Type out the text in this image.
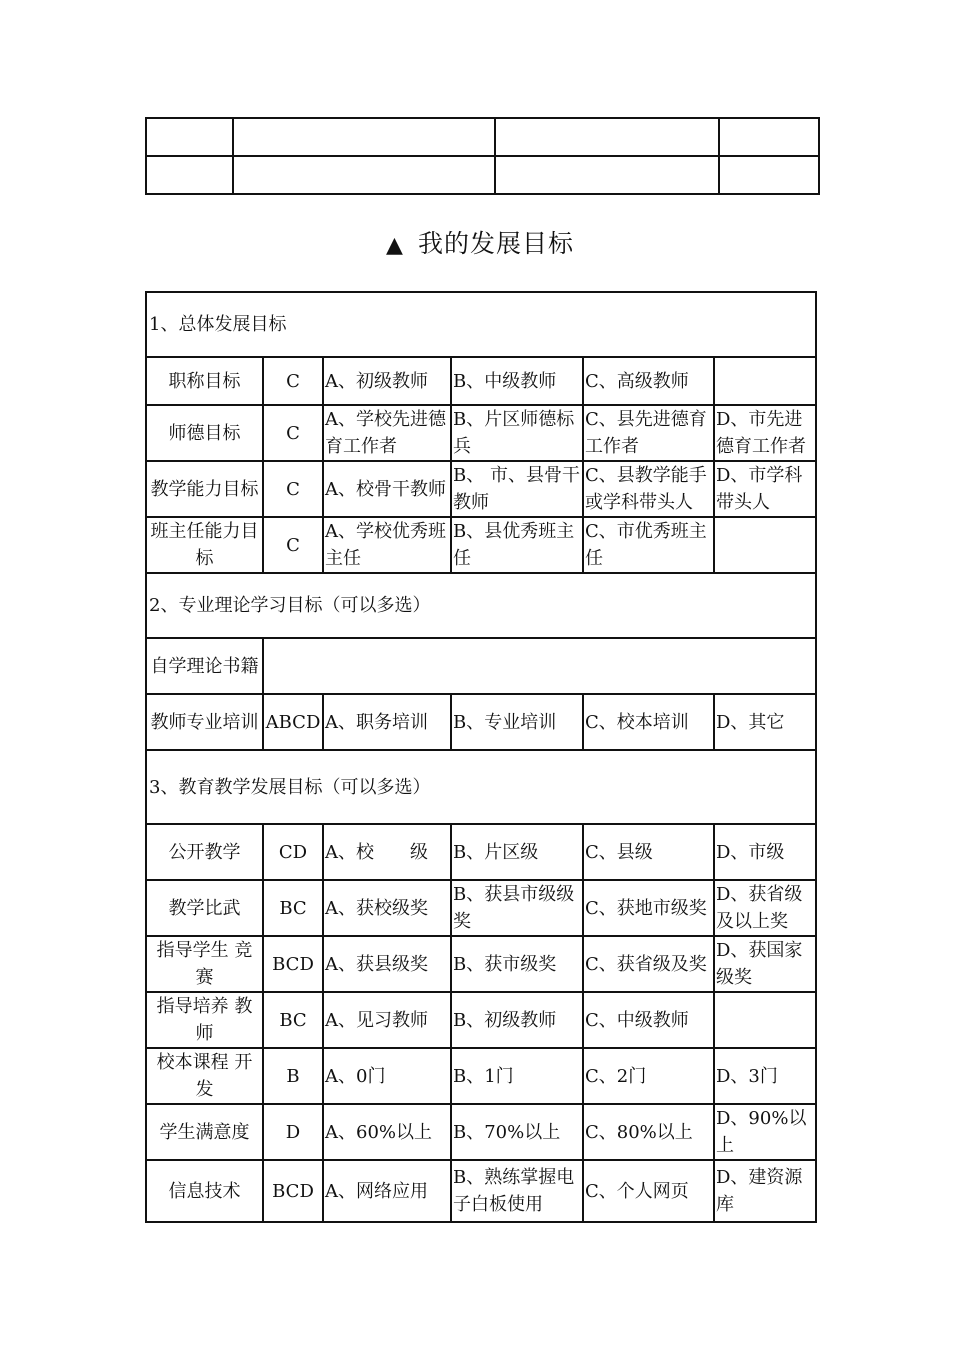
▲ 我的发展目标
1、总体发展目标					
职称目标	C	A、初级教师	B、中级教师	C、高级教师	
师德目标	C	A、学校先进德育工作者	B、片区师德标兵	C、县先进德育工作者	D、市先进德育工作者
教学能力目标	C	A、校骨干教师	B、 市、县骨干教师	C、县教学能手或学科带头人	D、市学科带头人
班主任能力目标	C	A、学校优秀班主任	B、县优秀班主任	C、市优秀班主任	
2、专业理论学习目标（可以多选）					
自学理论书籍					
教师专业培训	ABCD	A、职务培训	B、专业培训	C、校本培训	D、其它
3、教育教学发展目标（可以多选）					
公开教学	CD	A、校　　级	B、片区级	C、县级	D、市级
教学比武	BC	A、获校级奖	B、获县市级级奖	C、获地市级奖	D、获省级及以上奖
指导学生 竞赛	BCD	A、获县级奖	B、获市级奖	C、获省级及奖	D、获国家级奖
指导培养 教师	BC	A、见习教师	B、初级教师	C、中级教师	
校本课程 开发	B	A、0门	B、1门	C、2门	D、3门
学生满意度	D	A、60%以上	B、70%以上	C、80%以上	D、90%以上
信息技术	BCD	A、网络应用	B、熟练掌握电子白板使用	C、个人网页	D、建资源库
